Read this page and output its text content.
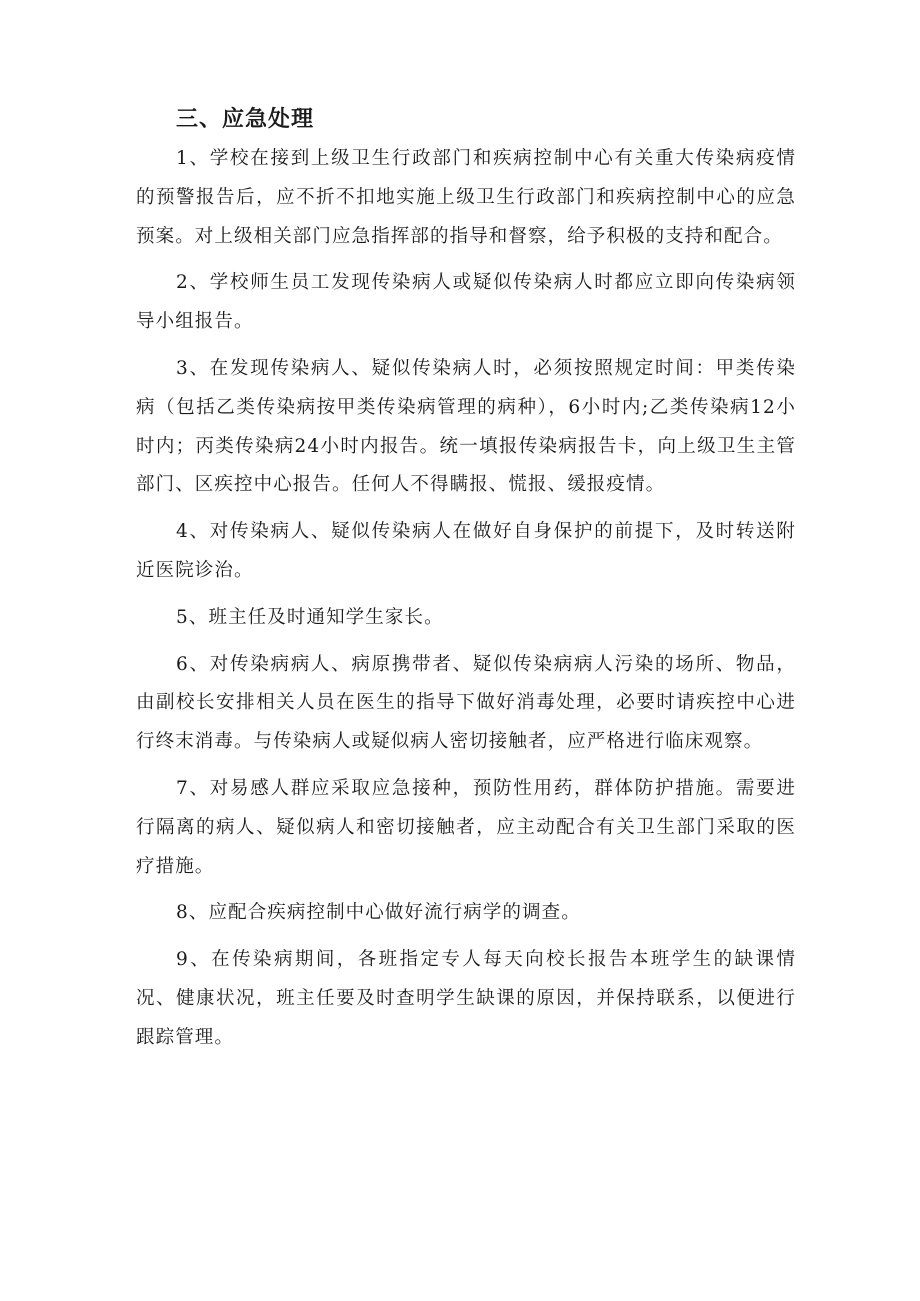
三、应急处理

1、学校在接到上级卫生行政部门和疾病控制中心有关重大传染病疫情的预警报告后，应不折不扣地实施上级卫生行政部门和疾病控制中心的应急预案。对上级相关部门应急指挥部的指导和督察，给予积极的支持和配合。

2、学校师生员工发现传染病人或疑似传染病人时都应立即向传染病领导小组报告。

3、在发现传染病人、疑似传染病人时，必须按照规定时间：甲类传染病（包括乙类传染病按甲类传染病管理的病种），6小时内;乙类传染病12小时内；丙类传染病24小时内报告。统一填报传染病报告卡，向上级卫生主管部门、区疾控中心报告。任何人不得瞒报、慌报、缓报疫情。

4、对传染病人、疑似传染病人在做好自身保护的前提下，及时转送附近医院诊治。

5、班主任及时通知学生家长。

6、对传染病病人、病原携带者、疑似传染病病人污染的场所、物品，由副校长安排相关人员在医生的指导下做好消毒处理，必要时请疾控中心进行终末消毒。与传染病人或疑似病人密切接触者，应严格进行临床观察。

7、对易感人群应采取应急接种，预防性用药，群体防护措施。需要进行隔离的病人、疑似病人和密切接触者，应主动配合有关卫生部门采取的医疗措施。

8、应配合疾病控制中心做好流行病学的调查。

9、在传染病期间，各班指定专人每天向校长报告本班学生的缺课情况、健康状况，班主任要及时查明学生缺课的原因，并保持联系，以便进行跟踪管理。
